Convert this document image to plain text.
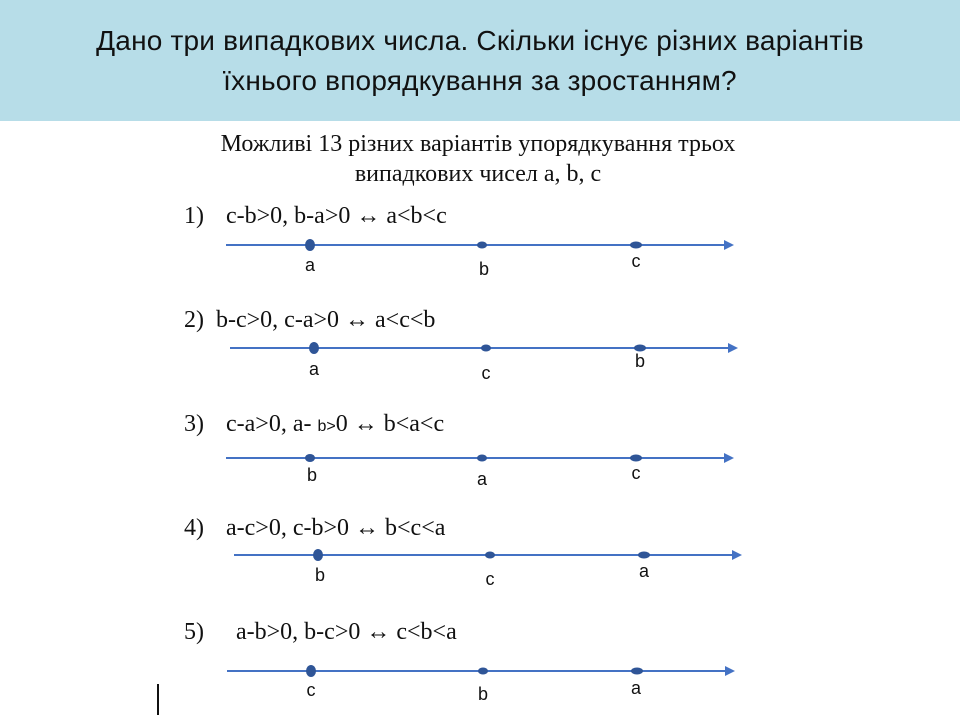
Дано три випадкових числа. Скільки існує різних варіантів
їхнього впорядкування за зростанням?
Можливі 13 різних варіантів упорядкування трьох
випадкових чисел a, b, c
1) c-b>0, b-a>0 ↔ a<b<c
a	b	c
2) b-c>0, c-a>0 ↔ a<c<b
a	c
b
3) c-a>0, a- b>0 ↔ b<a<c
b	a	c
4) a-c>0, c-b>0 ↔ b<c<a
b	c	a
5) a-b>0, b-c>0 ↔ c<b<a
c	b	a
